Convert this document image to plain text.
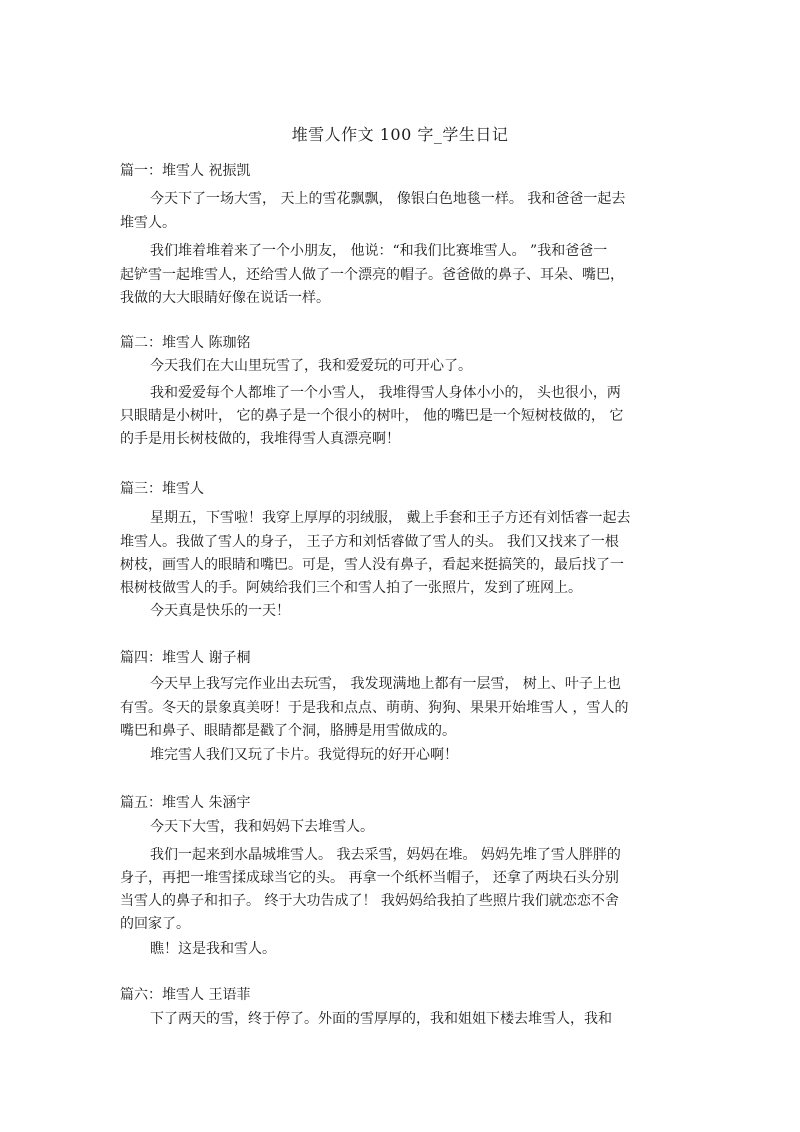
堆雪人作文 100 字_学生日记
篇一：堆雪人 祝振凯
今天下了一场大雪， 天上的雪花飘飘， 像银白色地毯一样。 我和爸爸一起去
堆雪人。
我们堆着堆着来了一个小朋友， 他说：“和我们比赛堆雪人。 ”我和爸爸一
起铲雪一起堆雪人，还给雪人做了一个漂亮的帽子。爸爸做的鼻子、耳朵、嘴巴，
我做的大大眼睛好像在说话一样。
篇二：堆雪人 陈珈铭
今天我们在大山里玩雪了，我和爱爱玩的可开心了。
我和爱爱每个人都堆了一个小雪人， 我堆得雪人身体小小的， 头也很小，两
只眼睛是小树叶， 它的鼻子是一个很小的树叶， 他的嘴巴是一个短树枝做的， 它
的手是用长树枝做的，我堆得雪人真漂亮啊！
篇三：堆雪人
星期五，下雪啦！我穿上厚厚的羽绒服， 戴上手套和王子方还有刘恬睿一起去
堆雪人。我做了雪人的身子， 王子方和刘恬睿做了雪人的头。 我们又找来了一根
树枝，画雪人的眼睛和嘴巴。可是，雪人没有鼻子，看起来挺搞笑的，最后找了一
根树枝做雪人的手。阿姨给我们三个和雪人拍了一张照片，发到了班网上。
今天真是快乐的一天！
篇四：堆雪人 谢子桐
今天早上我写完作业出去玩雪， 我发现满地上都有一层雪， 树上、叶子上也
有雪。冬天的景象真美呀！于是我和点点、萌萌、狗狗、果果开始堆雪人 ，雪人的
嘴巴和鼻子、眼睛都是戳了个洞，胳膊是用雪做成的。
堆完雪人我们又玩了卡片。我觉得玩的好开心啊！
篇五：堆雪人 朱涵宇
今天下大雪，我和妈妈下去堆雪人。
我们一起来到水晶城堆雪人。 我去采雪，妈妈在堆。 妈妈先堆了雪人胖胖的
身子，再把一堆雪揉成球当它的头。 再拿一个纸杯当帽子， 还拿了两块石头分别
当雪人的鼻子和扣子。 终于大功告成了！ 我妈妈给我拍了些照片我们就恋恋不舍
的回家了。
瞧！这是我和雪人。
篇六：堆雪人 王语菲
下了两天的雪，终于停了。外面的雪厚厚的，我和姐姐下楼去堆雪人，我和
